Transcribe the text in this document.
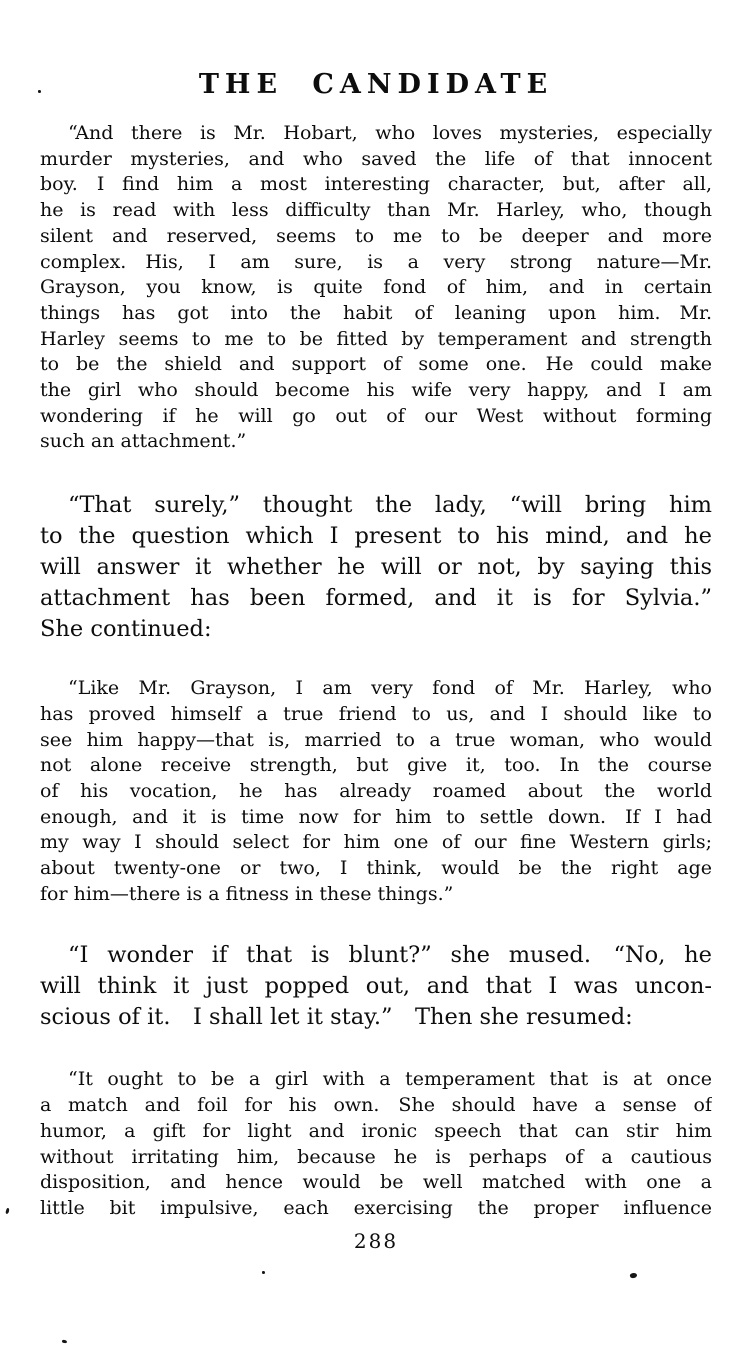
THE CANDIDATE
“And there is Mr. Hobart, who loves mysteries, especially
murder mysteries, and who saved the life of that innocent
boy.  I find him a most interesting character, but, after all,
he is read with less difficulty than Mr. Harley, who, though
silent and reserved, seems to me to be deeper and more
complex.  His, I am sure, is a very strong nature—Mr.
Grayson, you know, is quite fond of him, and in certain
things has got into the habit of leaning upon him.  Mr.
Harley seems to me to be fitted by temperament and strength
to be the shield and support of some one.  He could make
the girl who should become his wife very happy, and I am
wondering if he will go out of our West without forming
such an attachment.”
“That surely,” thought the lady, “will bring him
to the question which I present to his mind, and he
will answer it whether he will or not, by saying this
attachment has been formed, and it is for Sylvia.”
She continued:
“Like Mr. Grayson, I am very fond of Mr. Harley, who
has proved himself a true friend to us, and I should like to
see him happy—that is, married to a true woman, who would
not alone receive strength, but give it, too.  In the course
of his vocation, he has already roamed about the world
enough, and it is time now for him to settle down.  If I had
my way I should select for him one of our fine Western girls;
about twenty-one or two, I think, would be the right age
for him—there is a fitness in these things.”
“I wonder if that is blunt?” she mused.  “No, he
will think it just popped out, and that I was uncon-
scious of it.  I shall let it stay.”  Then she resumed:
“It ought to be a girl with a temperament that is at once
a match and foil for his own.  She should have a sense of
humor, a gift for light and ironic speech that can stir him
without irritating him, because he is perhaps of a cautious
disposition, and hence would be well matched with one a
little bit impulsive, each exercising the proper influence
288
